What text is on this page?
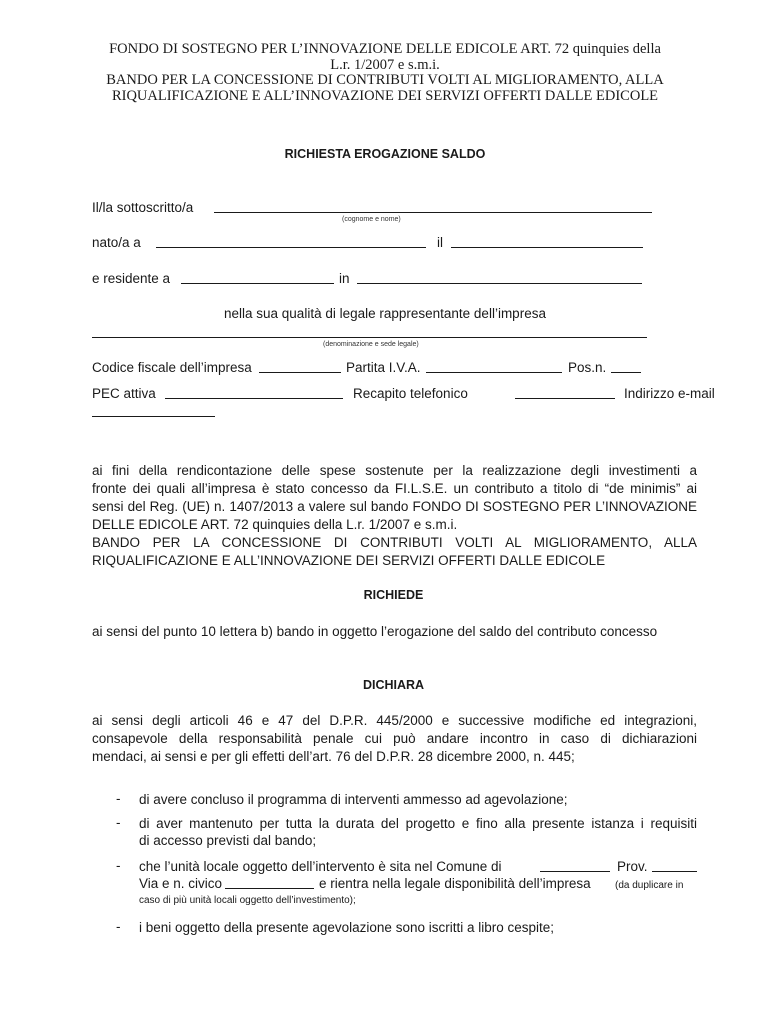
FONDO DI SOSTEGNO PER L’INNOVAZIONE DELLE EDICOLE ART. 72 quinquies della
L.r. 1/2007 e s.m.i.
BANDO PER LA CONCESSIONE DI CONTRIBUTI VOLTI AL MIGLIORAMENTO, ALLA
RIQUALIFICAZIONE E ALL’INNOVAZIONE DEI SERVIZI OFFERTI DALLE EDICOLE
RICHIESTA EROGAZIONE SALDO
Il/la sottoscritto/a
(cognome e nome)
nato/a a	il
e residente a	in
nella sua qualità di legale rappresentante dell’impresa
(denominazione e sede legale)
Codice fiscale dell’impresa	Partita I.V.A.	Pos.n.
PEC attiva	Recapito telefonico	Indirizzo e-mail
ai fini della rendicontazione delle spese sostenute per la realizzazione degli investimenti a
fronte dei quali all’impresa è stato concesso da FI.L.S.E. un contributo a titolo di “de minimis” ai
sensi del Reg. (UE) n. 1407/2013 a valere sul bando FONDO DI SOSTEGNO PER L’INNOVAZIONE
DELLE EDICOLE ART. 72 quinquies della L.r. 1/2007 e s.m.i.
BANDO PER LA CONCESSIONE DI CONTRIBUTI VOLTI AL MIGLIORAMENTO, ALLA
RIQUALIFICAZIONE E ALL’INNOVAZIONE DEI SERVIZI OFFERTI DALLE EDICOLE
RICHIEDE
ai sensi del punto 10 lettera b) bando in oggetto l’erogazione del saldo del contributo concesso
DICHIARA
ai sensi degli articoli 46 e 47 del D.P.R. 445/2000 e successive modifiche ed integrazioni,
consapevole della responsabilità penale cui può andare incontro in caso di dichiarazioni
mendaci, ai sensi e per gli effetti dell’art. 76 del D.P.R. 28 dicembre 2000, n. 445;
- di avere concluso il programma di interventi ammesso ad agevolazione;
- di aver mantenuto per tutta la durata del progetto e fino alla presente istanza i requisiti
di accesso previsti dal bando;
- che l’unità locale oggetto dell’intervento è sita nel Comune di	Prov.
Via e n. civico	e rientra nella legale disponibilità dell’impresa (da duplicare in
caso di più unità locali oggetto dell’investimento);
- i beni oggetto della presente agevolazione sono iscritti a libro cespite;
